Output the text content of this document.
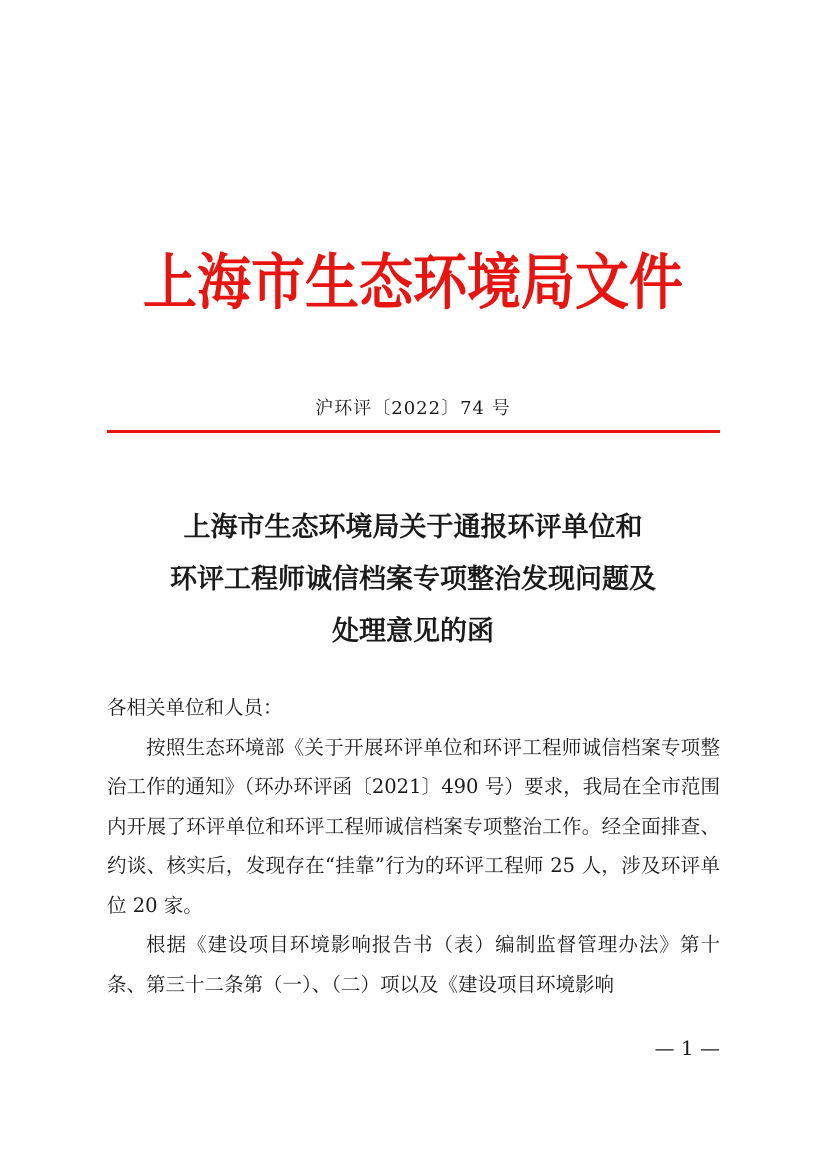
上海市生态环境局文件
沪环评〔2022〕74 号
上海市生态环境局关于通报环评单位和
环评工程师诚信档案专项整治发现问题及
处理意见的函
各相关单位和人员：
按照生态环境部《关于开展环评单位和环评工程师诚信档案专项整治工作的通知》（环办环评函〔2021〕490 号）要求，我局在全市范围内开展了环评单位和环评工程师诚信档案专项整治工作。经全面排查、约谈、核实后，发现存在“挂靠”行为的环评工程师 25 人，涉及环评单位 20 家。
根据《建设项目环境影响报告书（表）编制监督管理办法》第十条、第三十二条第（一）、（二）项以及《建设项目环境影响
— 1 —
